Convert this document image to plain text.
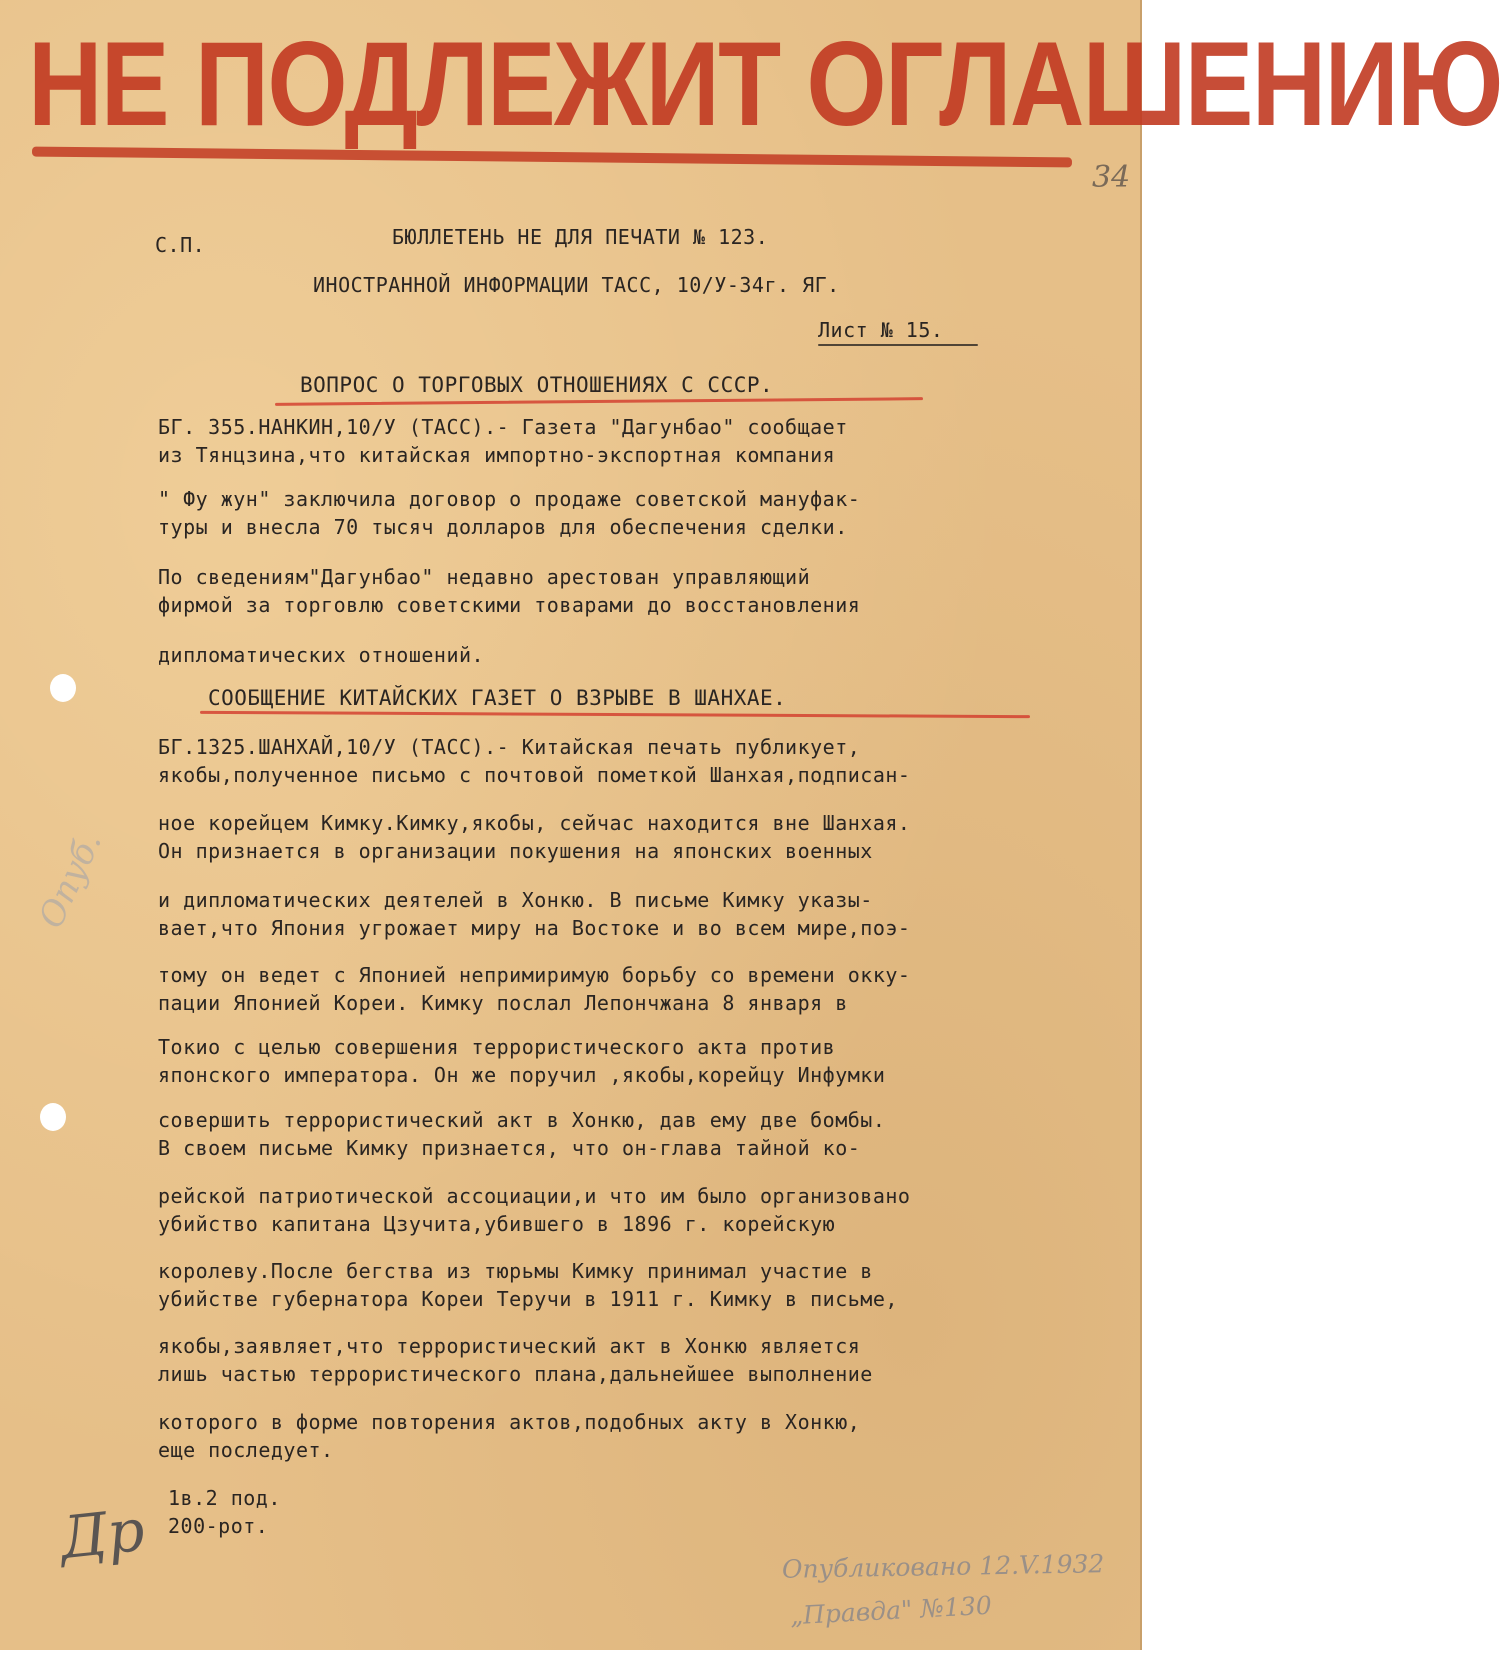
НЕ ПОДЛЕЖИТ ОГЛАШЕНИЮ
34
С.П.	БЮЛЛЕТЕНЬ НЕ ДЛЯ ПЕЧАТИ № 123.
ИНОСТРАННОЙ ИНФОРМАЦИИ ТАСС, 10/У-34г. ЯГ.
Лист № 15.
ВОПРОС О ТОРГОВЫХ ОТНОШЕНИЯХ С СССР.
БГ. 355.НАНКИН,10/У (ТАСС).- Газета "Дагунбао" сообщает
из Тянцзина,что китайская импортно-экспортная компания
" Фу жун" заключила договор о продаже советской мануфак-
туры и внесла 70 тысяч долларов для обеспечения сделки.
По сведениям"Дагунбао" недавно арестован управляющий
фирмой за торговлю советскими товарами до восстановления
дипломатических отношений.
СООБЩЕНИЕ КИТАЙСКИХ ГАЗЕТ О ВЗРЫВЕ В ШАНХАЕ.
БГ.1325.ШАНХАЙ,10/У (ТАСС).- Китайская печать публикует,
якобы,полученное письмо с почтовой пометкой Шанхая,подписан-
ное корейцем Кимку.Кимку,якобы, сейчас находится вне Шанхая.
Он признается в организации покушения на японских военных
и дипломатических деятелей в Хонкю. В письме Кимку указы-
вает,что Япония угрожает миру на Востоке и во всем мире,поэ-
тому он ведет с Японией непримиримую борьбу со времени окку-
пации Японией Кореи. Кимку послал Лепончжана 8 января в
Токио с целью совершения террористического акта против
японского императора. Он же поручил ,якобы,корейцу Инфумки
совершить террористический акт в Хонкю, дав ему две бомбы.
В своем письме Кимку признается, что он-глава тайной ко-
рейской патриотической ассоциации,и что им было организовано
убийство капитана Цзучита,убившего в 1896 г. корейскую
королеву.После бегства из тюрьмы Кимку принимал участие в
убийстве губернатора Кореи Теручи в 1911 г. Кимку в письме,
якобы,заявляет,что террористический акт в Хонкю является
лишь частью террористического плана,дальнейшее выполнение
которого в форме повторения актов,подобных акту в Хонкю,
еще последует.
1в.2 под.
200-рот.
Др
Опуб.
Опубликовано 12.V.1932
„Правда" №130
